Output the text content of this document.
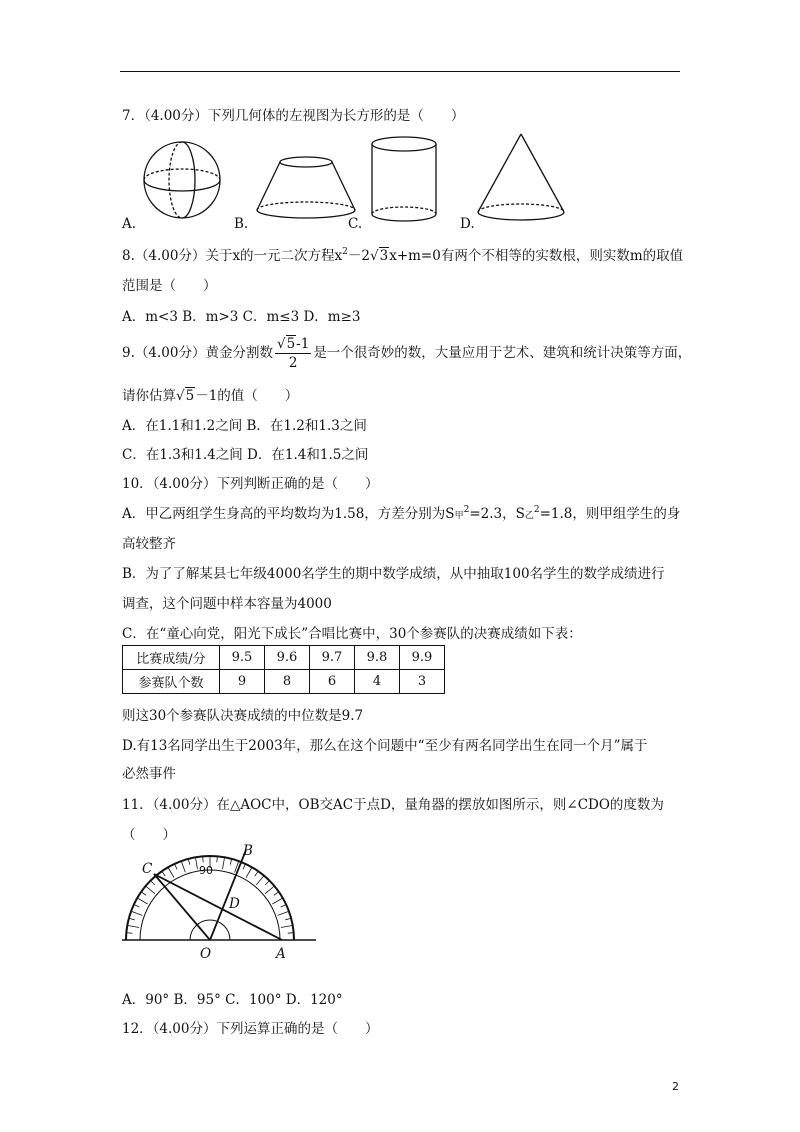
7．（4.00分）下列几何体的左视图为长方形的是（　　）
A.	B.	C.	D.
8.（4.00分）关于x的一元二次方程$x^2-2√3x+m=0$有两个不相等的实数根，则实数m的取值
范围是（　　）
A．m<3 B．m>3 C．m≤3 D．m≥3
9.（4.00分）黄金分割数 $\frac{√5-1}{2}$ 是一个很奇妙的数，大量应用于艺术、建筑和统计决策等方面，
请你估算√5－1的值（　　）
A．在1.1和1.2之间 B．在1.2和1.3之间
C．在1.3和1.4之间 D．在1.4和1.5之间
10．（4.00分）下列判断正确的是（　　）
A．甲乙两组学生身高的平均数均为1.58，方差分别为S甲$^2$=2.3，S乙$^2$=1.8，则甲组学生的身
高较整齐
B．为了了解某县七年级4000名学生的期中数学成绩，从中抽取100名学生的数学成绩进行
调查，这个问题中样本容量为4000
C．在“童心向党，阳光下成长”合唱比赛中，30个参赛队的决赛成绩如下表：
比赛成绩/分	9.5	9.6	9.7	9.8	9.9
参赛队个数	9	8	6	4	3
则这30个参赛队决赛成绩的中位数是9.7
D.有13名同学出生于2003年，那么在这个问题中“至少有两名同学出生在同一个月”属于
必然事件
11．（4.00分）在△AOC中，OB交AC于点D，量角器的摆放如图所示，则∠CDO的度数为
（　　）
C
B
D
O	A
90
A．90° B．95° C．100° D．120°
12．（4.00分）下列运算正确的是（　　）
2
